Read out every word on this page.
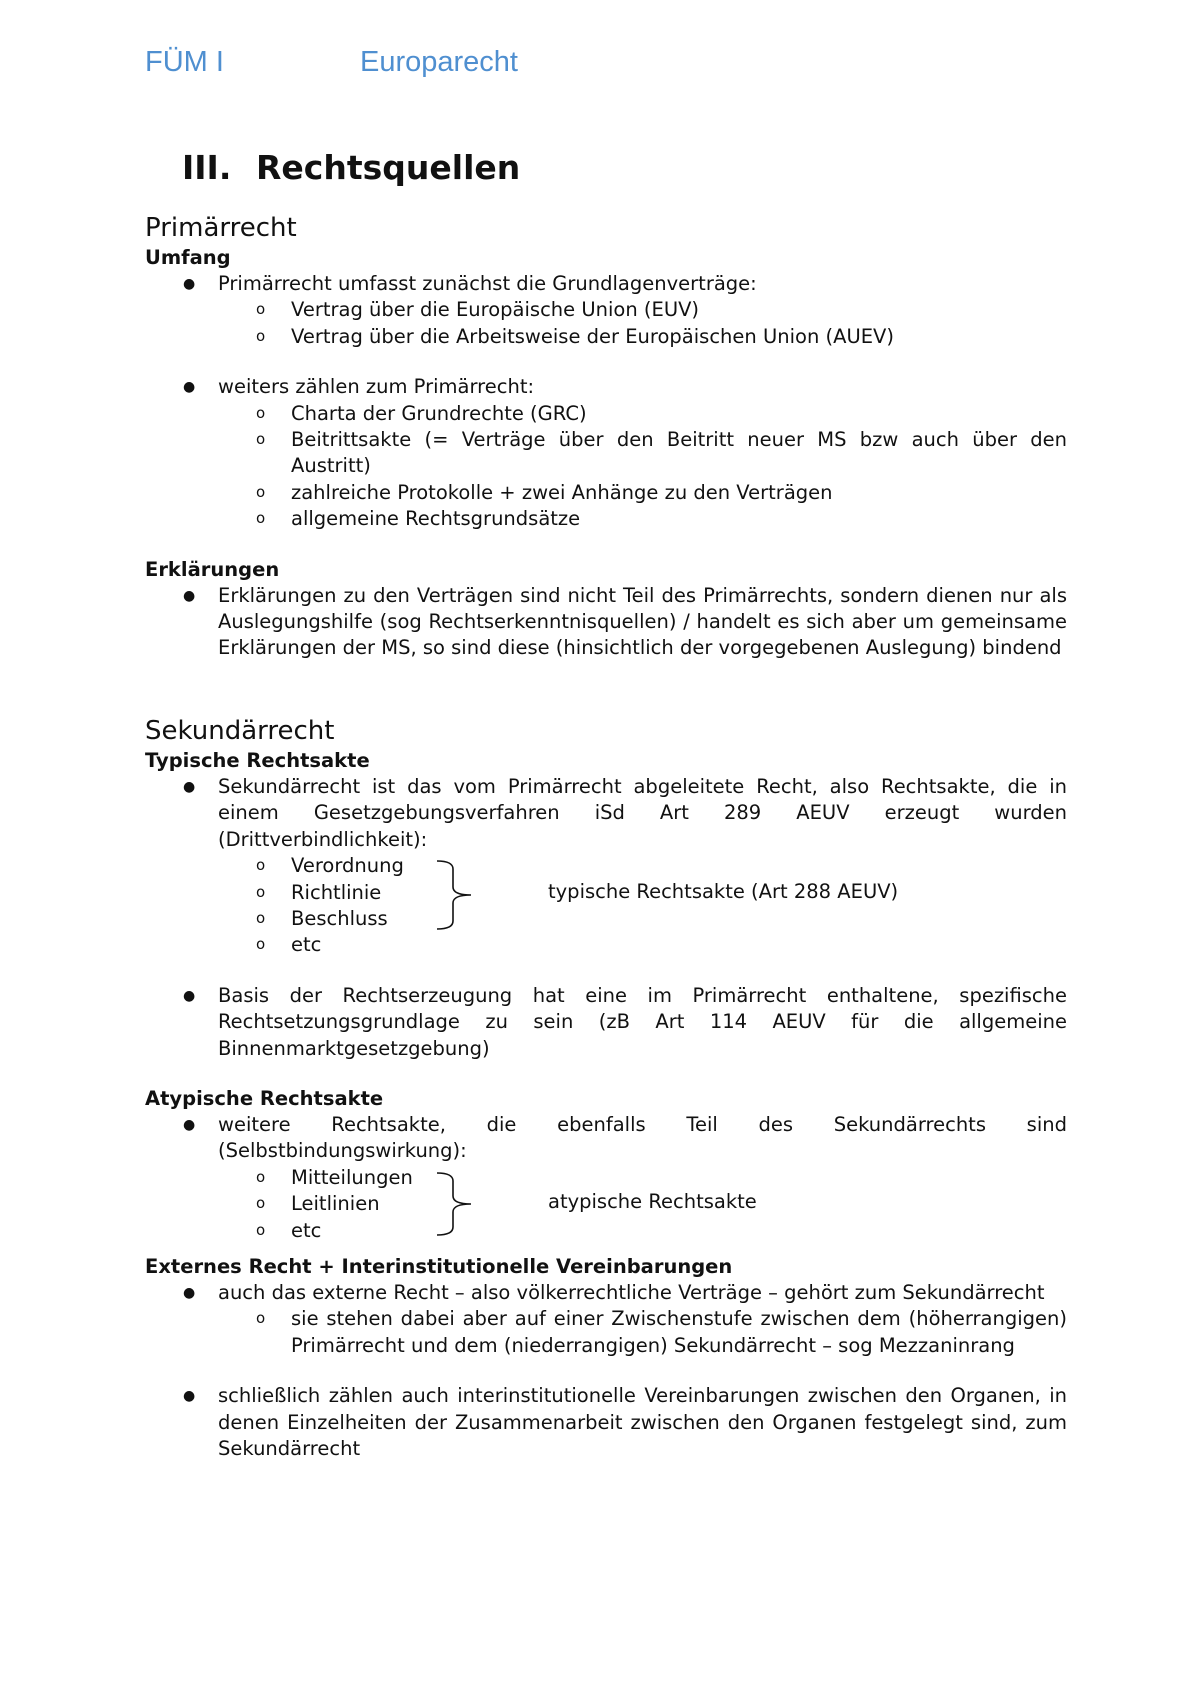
FÜM I	Europarecht
III. Rechtsquellen
Primärrecht
Umfang
● Primärrecht umfasst zunächst die Grundlagenverträge:
o Vertrag über die Europäische Union (EUV)
o Vertrag über die Arbeitsweise der Europäischen Union (AUEV)
● weiters zählen zum Primärrecht:
o Charta der Grundrechte (GRC)
o Beitrittsakte (= Verträge über den Beitritt neuer MS bzw auch über den Austritt)
o zahlreiche Protokolle + zwei Anhänge zu den Verträgen
o allgemeine Rechtsgrundsätze
Erklärungen
● Erklärungen zu den Verträgen sind nicht Teil des Primärrechts, sondern dienen nur als Auslegungshilfe (sog Rechtserkenntnisquellen) / handelt es sich aber um gemeinsame Erklärungen der MS, so sind diese (hinsichtlich der vorgegebenen Auslegung) bindend
Sekundärrecht
Typische Rechtsakte
● Sekundärrecht ist das vom Primärrecht abgeleitete Recht, also Rechtsakte, die in einem Gesetzgebungsverfahren iSd Art 289 AEUV erzeugt wurden (Drittverbindlichkeit):
o Verordnung
o Richtlinie
o Beschluss
o etc
typische Rechtsakte (Art 288 AEUV)
● Basis der Rechtserzeugung hat eine im Primärrecht enthaltene, spezifische Rechtsetzungsgrundlage zu sein (zB Art 114 AEUV für die allgemeine Binnenmarktgesetzgebung)
Atypische Rechtsakte
● weitere Rechtsakte, die ebenfalls Teil des Sekundärrechts sind (Selbstbindungswirkung):
o Mitteilungen
o Leitlinien
o etc
atypische Rechtsakte
Externes Recht + Interinstitutionelle Vereinbarungen
● auch das externe Recht – also völkerrechtliche Verträge – gehört zum Sekundärrecht
o sie stehen dabei aber auf einer Zwischenstufe zwischen dem (höherrangigen) Primärrecht und dem (niederrangigen) Sekundärrecht – sog Mezzaninrang
● schließlich zählen auch interinstitutionelle Vereinbarungen zwischen den Organen, in denen Einzelheiten der Zusammenarbeit zwischen den Organen festgelegt sind, zum Sekundärrecht
